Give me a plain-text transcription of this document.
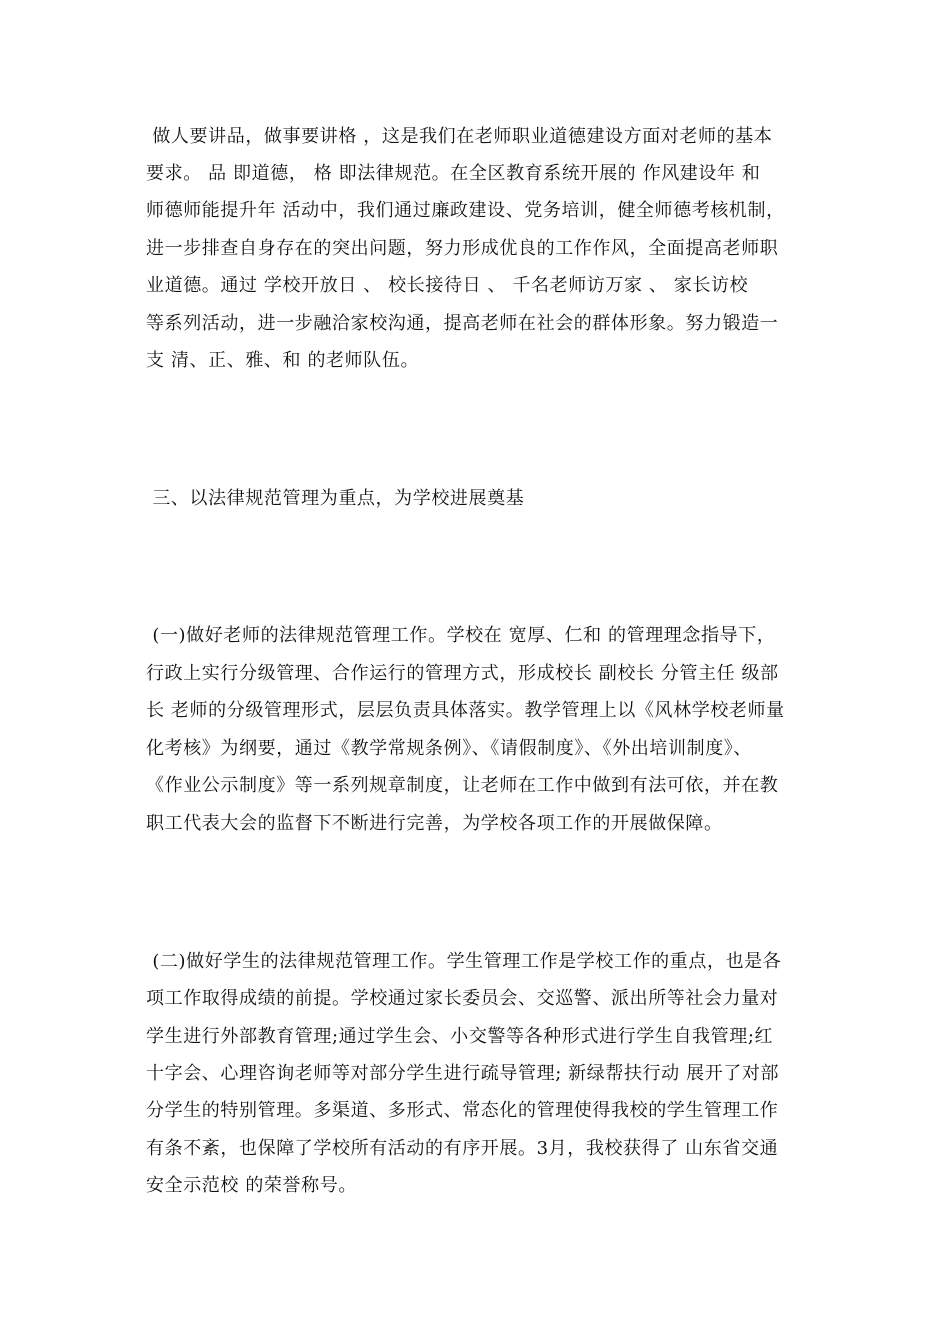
做人要讲品，做事要讲格 ，这是我们在老师职业道德建设方面对老师的基本
要求。 品 即道德， 格 即法律规范。在全区教育系统开展的 作风建设年 和
师德师能提升年 活动中，我们通过廉政建设、党务培训，健全师德考核机制，
进一步排查自身存在的突出问题，努力形成优良的工作作风，全面提高老师职
业道德。通过 学校开放日 、 校长接待日 、 千名老师访万家 、 家长访校
等系列活动，进一步融洽家校沟通，提高老师在社会的群体形象。努力锻造一
支 清、正、雅、和 的老师队伍。
三、以法律规范管理为重点，为学校进展奠基
(一)做好老师的法律规范管理工作。学校在 宽厚、仁和 的管理理念指导下，
行政上实行分级管理、合作运行的管理方式，形成校长 副校长 分管主任 级部
长 老师的分级管理形式，层层负责具体落实。教学管理上以《风林学校老师量
化考核》为纲要，通过《教学常规条例》、《请假制度》、《外出培训制度》、
《作业公示制度》等一系列规章制度，让老师在工作中做到有法可依，并在教
职工代表大会的监督下不断进行完善，为学校各项工作的开展做保障。
(二)做好学生的法律规范管理工作。学生管理工作是学校工作的重点，也是各
项工作取得成绩的前提。学校通过家长委员会、交巡警、派出所等社会力量对
学生进行外部教育管理;通过学生会、小交警等各种形式进行学生自我管理;红
十字会、心理咨询老师等对部分学生进行疏导管理; 新绿帮扶行动 展开了对部
分学生的特别管理。多渠道、多形式、常态化的管理使得我校的学生管理工作
有条不紊，也保障了学校所有活动的有序开展。3月，我校获得了 山东省交通
安全示范校 的荣誉称号。
